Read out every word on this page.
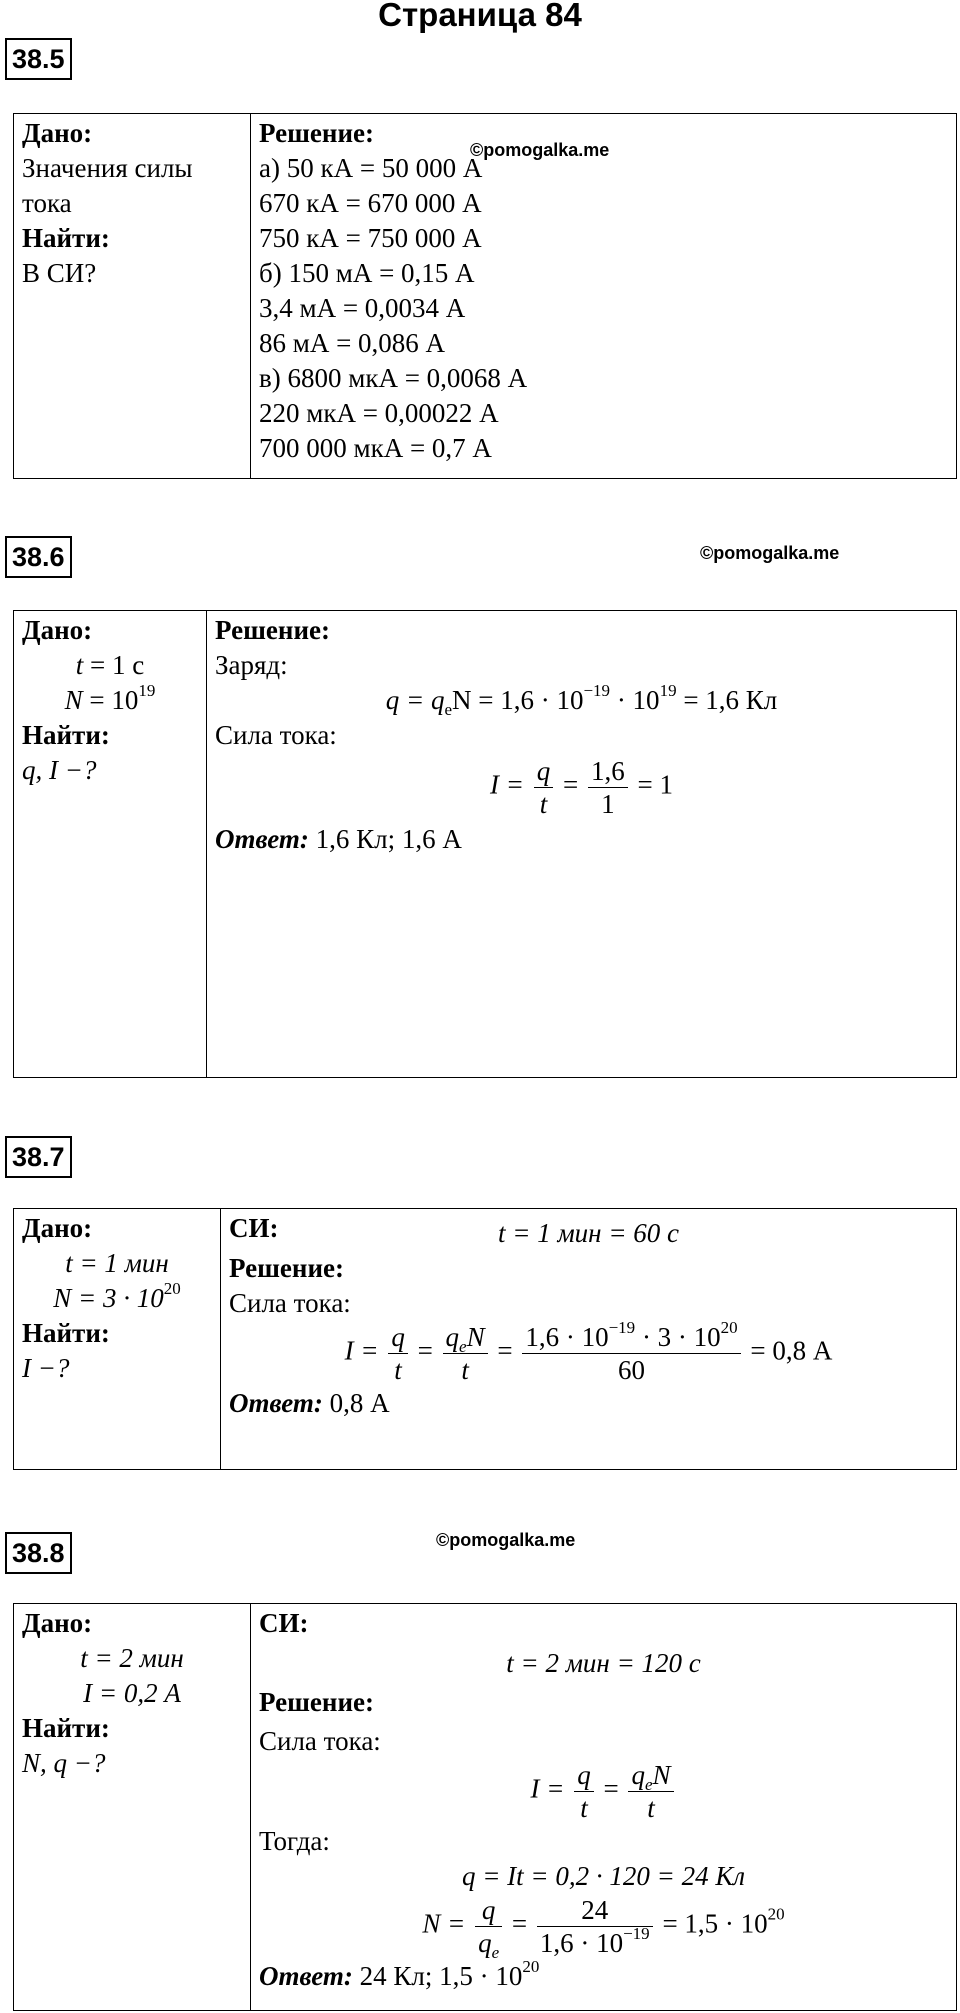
Страница 84
38.5
©pomogalka.me
Дано:
Значения силы
тока
Найти:
В СИ?

Решение:
а) 50 кА = 50 000 А
670 кА = 670 000 А
750 кА = 750 000 А
б) 150 мА = 0,15 А
3,4 мА = 0,0034 А
86 мА = 0,086 А
в) 6800 мкА = 0,0068 А
220 мкА = 0,00022 А
700 000 мкА = 0,7 А
38.6	©pomogalka.me
Дано:
t = 1 с
$N = 10^{19}$
Найти:
q, I −?

Решение:
Заряд:
$q = q_eN = 1,6 \cdot 10^{-19} \cdot 10^{19} = 1,6$ Кл
Сила тока:
$I = \frac{q}{t} = \frac{1,6}{1} = 1$
Ответ: 1,6 Кл; 1,6 А
38.7
Дано:
t = 1 мин
$N = 3 \cdot 10^{20}$
Найти:
I −?

СИ:	t = 1 мин = 60 с
Решение:
Сила тока:
$I = \frac{q}{t} = \frac{q_eN}{t} = \frac{1,6 \cdot 10^{-19} \cdot 3 \cdot 10^{20}}{60} = 0,8$ А
Ответ: 0,8 А
38.8	©pomogalka.me
Дано:
t = 2 мин
I = 0,2 А
Найти:
N, q −?

СИ:
t = 2 мин = 120 с
Решение:
Сила тока:
$I = \frac{q}{t} = \frac{q_eN}{t}$
Тогда:
q = It = 0,2 · 120 = 24 Кл
$N = \frac{q}{q_e} = \frac{24}{1,6 \cdot 10^{-19}} = 1,5 \cdot 10^{20}$
Ответ: 24 Кл; $1,5 \cdot 10^{20}$
